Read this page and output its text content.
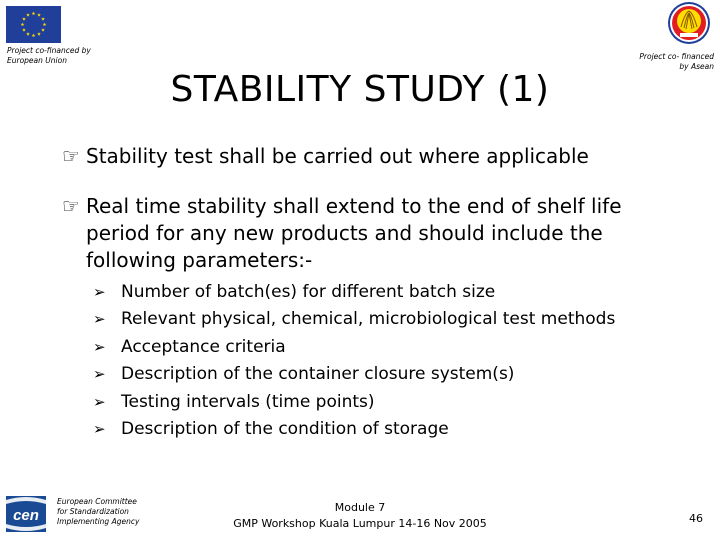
Project co-financed by
European Union	Project co- financed
by Asean
STABILITY STUDY (1)
☞ Stability test shall be carried out where applicable
☞ Real time stability shall extend to the end of shelf life
period for any new products and should include the
following parameters:-
➢ Number of batch(es) for different batch size
➢ Relevant physical, chemical, microbiological test methods
➢ Acceptance criteria
➢ Description of the container closure system(s)
➢ Testing intervals (time points)
➢ Description of the condition of storage
cen
European Committee
for Standardization
Implementing Agency
Module 7
GMP Workshop Kuala Lumpur 14-16 Nov 2005	46
